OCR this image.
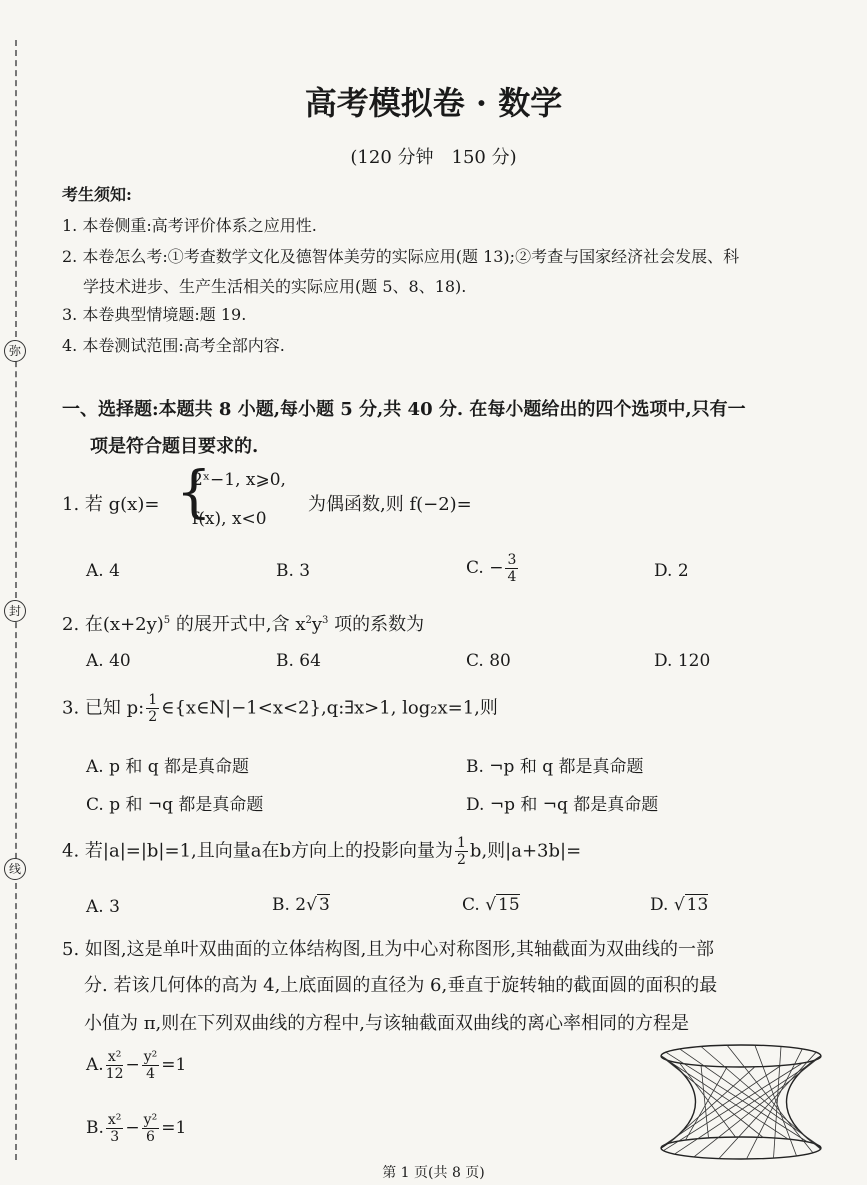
弥
封
线
高考模拟卷 · 数学
(120 分钟　150 分)
考生须知:
1. 本卷侧重:高考评价体系之应用性.
2. 本卷怎么考:①考查数学文化及德智体美劳的实际应用(题 13);②考查与国家经济社会发展、科
学技术进步、生产生活相关的实际应用(题 5、8、18).
3. 本卷典型情境题:题 19.
4. 本卷测试范围:高考全部内容.
一、选择题:本题共 8 小题,每小题 5 分,共 40 分. 在每小题给出的四个选项中,只有一
项是符合题目要求的.
1. 若 g(x)= {
2ˣ−1, x⩾0,
f(x), x<0
为偶函数,则 f(−2)=
A. 4	B. 3	C. − $\frac{3}{4}$	D. 2
2. 在$(x+2y)^5$ 的展开式中,含 $x^2y^3$ 项的系数为
A. 40	B. 64	C. 80	D. 120
3. 已知 p: $\frac{1}{2}$ ∈{x∈N|−1<x<2},q:∃x>1, log₂x=1,则
A. p 和 q 都是真命题	B. ¬p 和 q 都是真命题
C. p 和 ¬q 都是真命题	D. ¬p 和 ¬q 都是真命题
4. 若|a|=|b|=1,且向量a在b方向上的投影向量为 $\frac{1}{2} b$,则|a+3b|=
A. 3	B. 2√ 3	C. √ 15	D. √ 13
5. 如图,这是单叶双曲面的立体结构图,且为中心对称图形,其轴截面为双曲线的一部
分. 若该几何体的高为 4,上底面圆的直径为 6,垂直于旋转轴的截面圆的面积的最
小值为 π,则在下列双曲线的方程中,与该轴截面双曲线的离心率相同的方程是
A. $\frac{\text{x²}}{12} - \frac{\text{y²}}{4} =1$
B. $\frac{\text{x²}}{3} - \frac{\text{y²}}{6} =1$
第 1 页(共 8 页)
